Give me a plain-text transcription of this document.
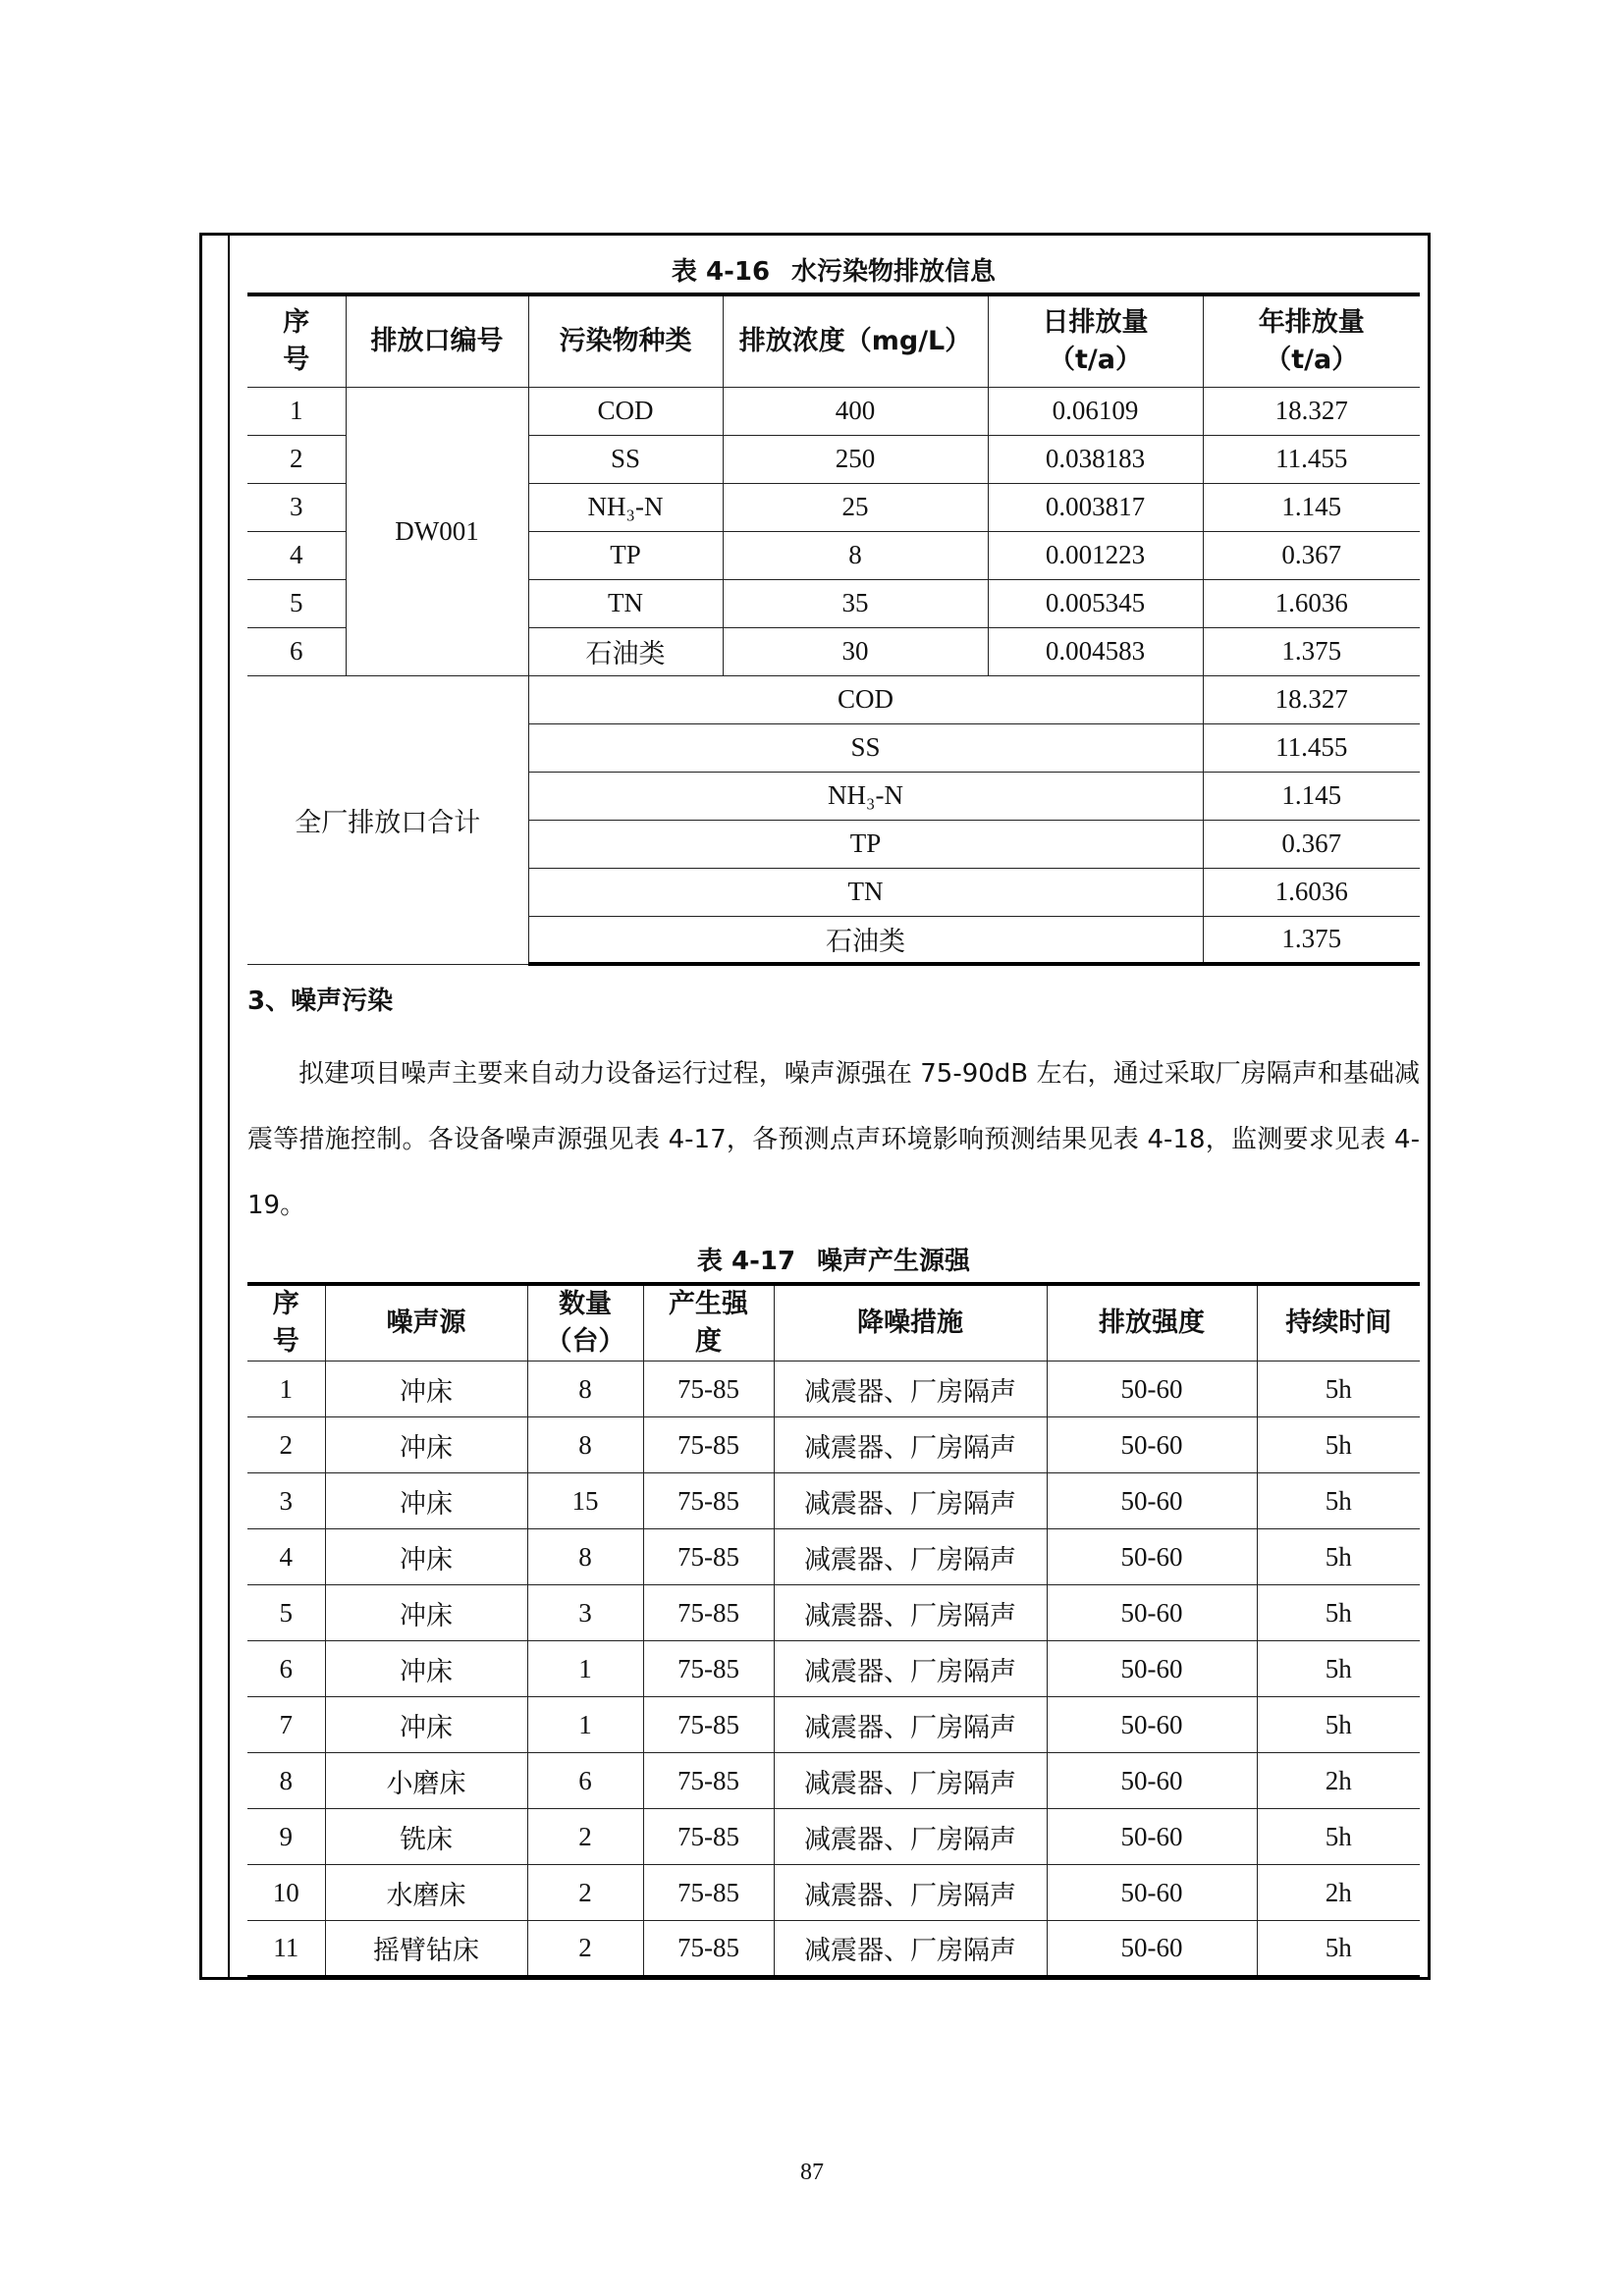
表 4-16 水污染物排放信息
序号	排放口编号	污染物种类	排放浓度（mg/L）	日排放量（t/a）	年排放量（t/a）
1	DW001	COD	400	0.06109	18.327
2		SS	250	0.038183	11.455
3		NH₃-N	25	0.003817	1.145
4		TP	8	0.001223	0.367
5		TN	35	0.005345	1.6036
6		石油类	30	0.004583	1.375
全厂排放口合计		COD			18.327
		SS			11.455
		NH₃-N			1.145
		TP			0.367
		TN			1.6036
		石油类			1.375
3、噪声污染
拟建项目噪声主要来自动力设备运行过程，噪声源强在 75-90dB 左右，通过采取厂房隔声和基础减震等措施控制。各设备噪声源强见表 4-17，各预测点声环境影响预测结果见表 4-18，监测要求见表 4-19。
表 4-17 噪声产生源强
序号	噪声源	数量（台）	产生强度	降噪措施	排放强度	持续时间
1	冲床	8	75-85	减震器、厂房隔声	50-60	5h
2	冲床	8	75-85	减震器、厂房隔声	50-60	5h
3	冲床	15	75-85	减震器、厂房隔声	50-60	5h
4	冲床	8	75-85	减震器、厂房隔声	50-60	5h
5	冲床	3	75-85	减震器、厂房隔声	50-60	5h
6	冲床	1	75-85	减震器、厂房隔声	50-60	5h
7	冲床	1	75-85	减震器、厂房隔声	50-60	5h
8	小磨床	6	75-85	减震器、厂房隔声	50-60	2h
9	铣床	2	75-85	减震器、厂房隔声	50-60	5h
10	水磨床	2	75-85	减震器、厂房隔声	50-60	2h
11	摇臂钻床	2	75-85	减震器、厂房隔声	50-60	5h
87
